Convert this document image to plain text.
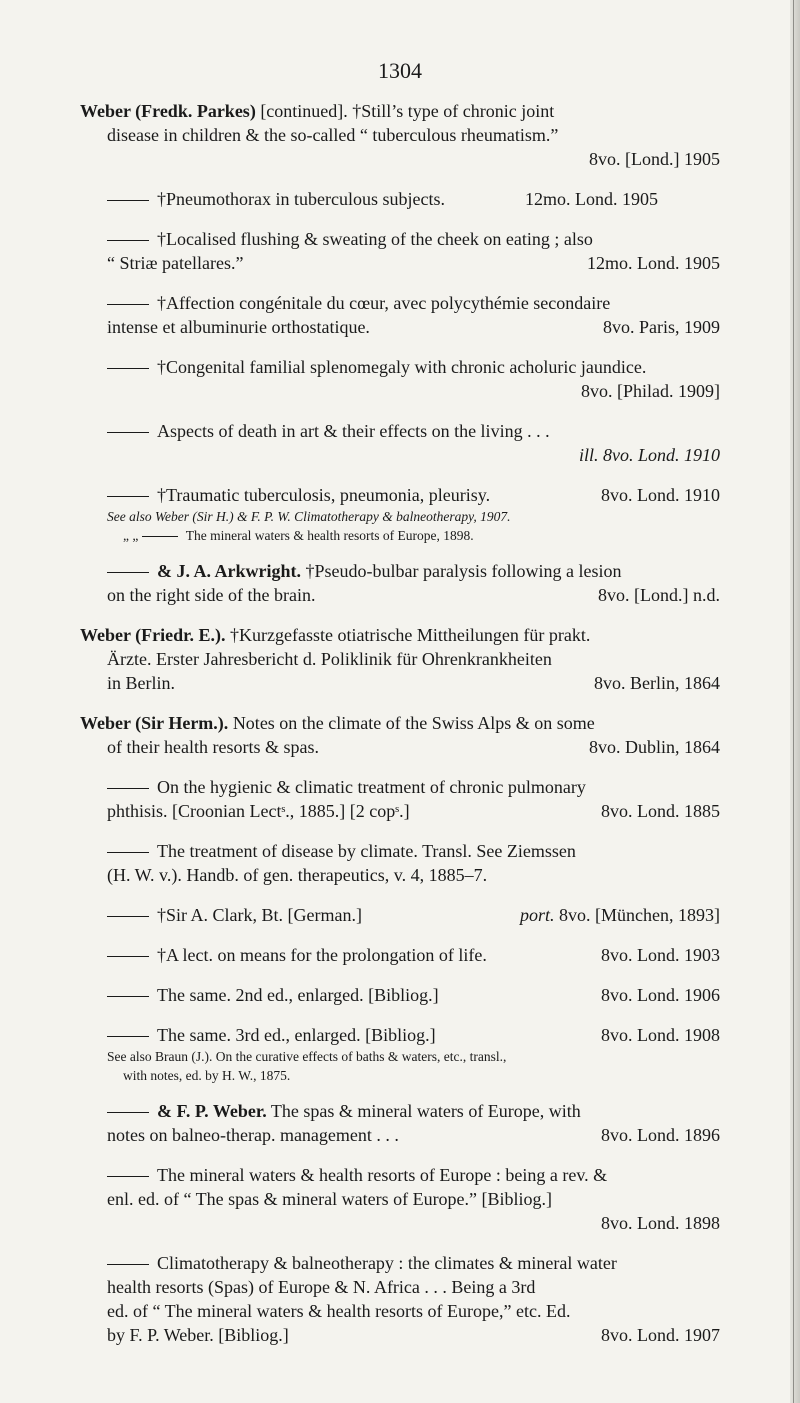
1304
Weber (Fredk. Parkes) [continued]. †Still’s type of chronic joint
disease in children & the so-called “ tuberculous rheumatism.”
8vo. [Lond.] 1905
†Pneumothorax in tuberculous subjects.	12mo. Lond. 1905
†Localised flushing & sweating of the cheek on eating ; also
“ Striæ patellares.”	12mo. Lond. 1905
†Affection congénitale du cœur, avec polycythémie secondaire
intense et albuminurie orthostatique.	8vo. Paris, 1909
†Congenital familial splenomegaly with chronic acholuric jaundice.
8vo. [Philad. 1909]
Aspects of death in art & their effects on the living . . .
ill. 8vo. Lond. 1910
†Traumatic tuberculosis, pneumonia, pleurisy.	8vo. Lond. 1910
See also Weber (Sir H.) & F. P. W. Climatotherapy & balneotherapy, 1907.
„ „	The mineral waters & health resorts of Europe, 1898.
& J. A. Arkwright. †Pseudo-bulbar paralysis following a lesion
on the right side of the brain.	8vo. [Lond.] n.d.
Weber (Friedr. E.). †Kurzgefasste otiatrische Mittheilungen für prakt.
Ärzte. Erster Jahresbericht d. Poliklinik für Ohrenkrankheiten
in Berlin.	8vo. Berlin, 1864
Weber (Sir Herm.). Notes on the climate of the Swiss Alps & on some
of their health resorts & spas.	8vo. Dublin, 1864
On the hygienic & climatic treatment of chronic pulmonary
phthisis. [Croonian Lectˢ., 1885.] [2 copˢ.]	8vo. Lond. 1885
The treatment of disease by climate. Transl. See Ziemssen
(H. W. v.). Handb. of gen. therapeutics, v. 4, 1885–7.
†Sir A. Clark, Bt. [German.]	port. 8vo. [München, 1893]
†A lect. on means for the prolongation of life.	8vo. Lond. 1903
The same. 2nd ed., enlarged. [Bibliog.]	8vo. Lond. 1906
The same. 3rd ed., enlarged. [Bibliog.]	8vo. Lond. 1908
See also Braun (J.). On the curative effects of baths & waters, etc., transl.,
with notes, ed. by H. W., 1875.
& F. P. Weber. The spas & mineral waters of Europe, with
notes on balneo-therap. management . . .	8vo. Lond. 1896
The mineral waters & health resorts of Europe : being a rev. &
enl. ed. of “ The spas & mineral waters of Europe.” [Bibliog.]
8vo. Lond. 1898
Climatotherapy & balneotherapy : the climates & mineral water
health resorts (Spas) of Europe & N. Africa . . . Being a 3rd
ed. of “ The mineral waters & health resorts of Europe,” etc. Ed.
by F. P. Weber. [Bibliog.]	8vo. Lond. 1907
